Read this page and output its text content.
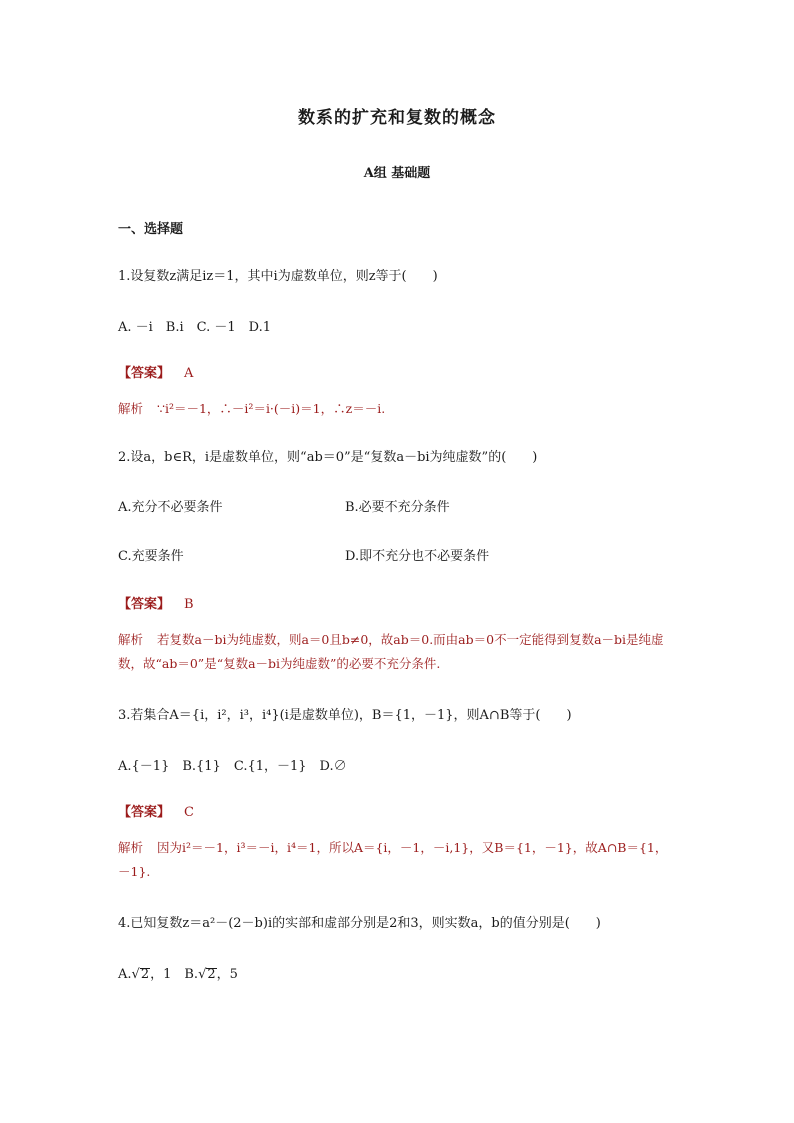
数系的扩充和复数的概念
A组 基础题
一、选择题
1.设复数z满足iz＝1，其中i为虚数单位，则z等于(　　)
A. －i　B.i　C. －1　D.1
【答案】 A
解析 ∵i²＝－1，∴－i²＝i·(－i)＝1，∴z＝－i.
2.设a，b∈R，i是虚数单位，则“ab＝0”是“复数a－bi为纯虚数”的(　　)
A.充分不必要条件	B.必要不充分条件
C.充要条件	D.即不充分也不必要条件
【答案】 B
解析 若复数a－bi为纯虚数，则a＝0且b≠0，故ab＝0.而由ab＝0不一定能得到复数a－bi是纯虚数，故“ab＝0”是“复数a－bi为纯虚数”的必要不充分条件.
3.若集合A＝{i，i²，i³，i⁴}(i是虚数单位)，B＝{1，－1}，则A∩B等于(　　)
A.{－1}　B.{1}　C.{1，－1}　D.∅
【答案】 C
解析 因为i²＝－1，i³＝－i，i⁴＝1，所以A＝{i，－1，－i,1}，又B＝{1，－1}，故A∩B＝{1，－1}.
4.已知复数z＝a²－(2－b)i的实部和虚部分别是2和3，则实数a，b的值分别是(　　)
A.√2，1　B.√2，5
